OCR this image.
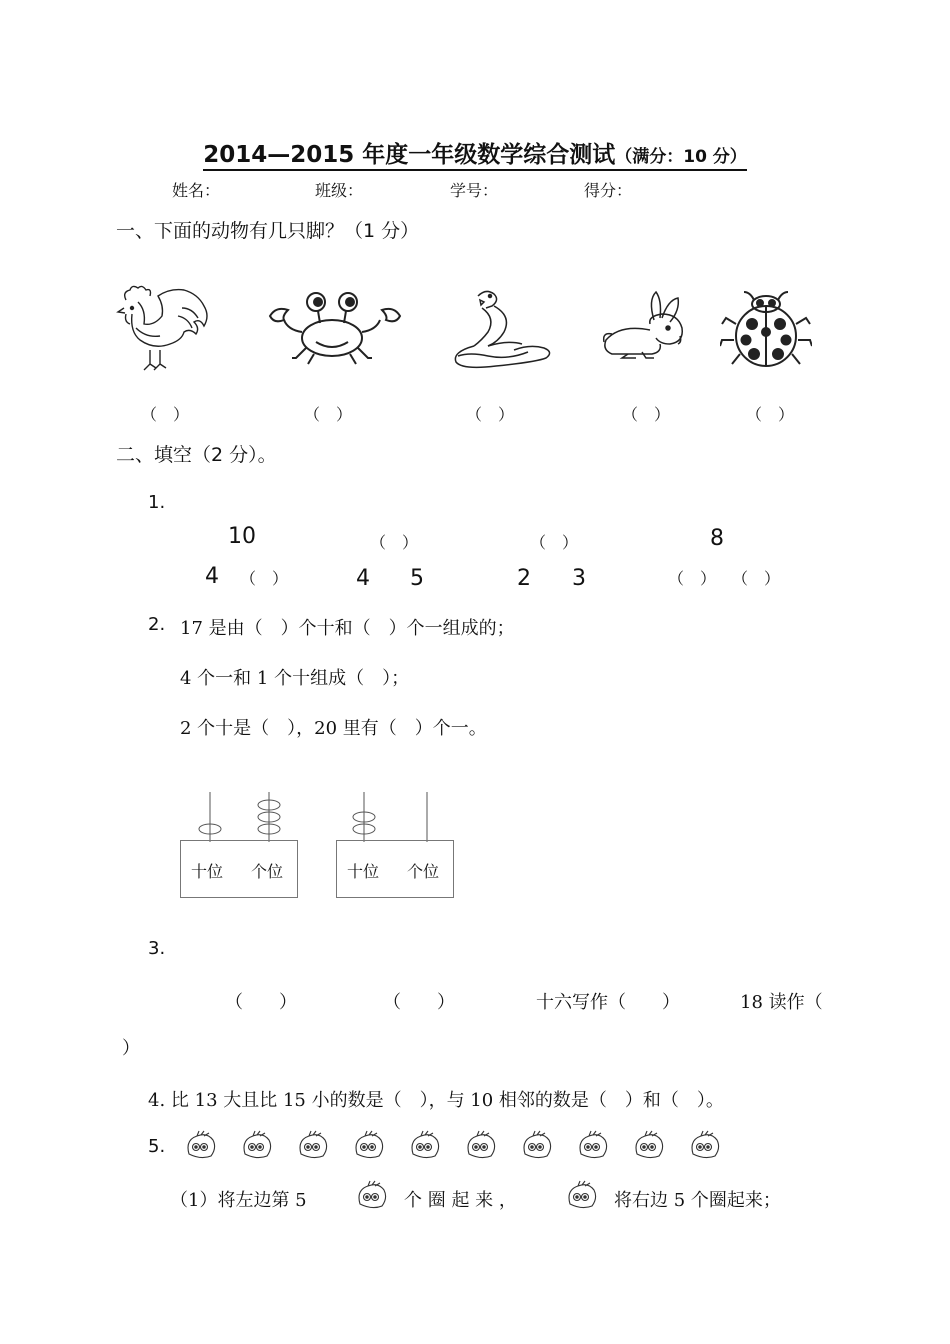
2014—2015 年度一年级数学综合测试（满分：10 分）
姓名：	班级：	学号：	得分：
一、下面的动物有几只脚？（1 分）
（　）	（　）	（　）	（　）	（　）
二、填空（2 分）。
1.
10
4 （　）
（　）
4 5
（　）
2 3
8
（　） （　）
2. 17 是由（　）个十和（　）个一组成的；
4 个一和 1 个十组成（　）；
2 个十是（　），20 里有（　）个一。
十位 个位	十位 个位
3.
（　　）	（　　）	十六写作（　　）	18 读作（
）
4. 比 13 大且比 15 小的数是（　），与 10 相邻的数是（　）和（　）。
5.
（1）将左边第 5	个 圈 起 来 ，	将右边 5 个圈起来；
